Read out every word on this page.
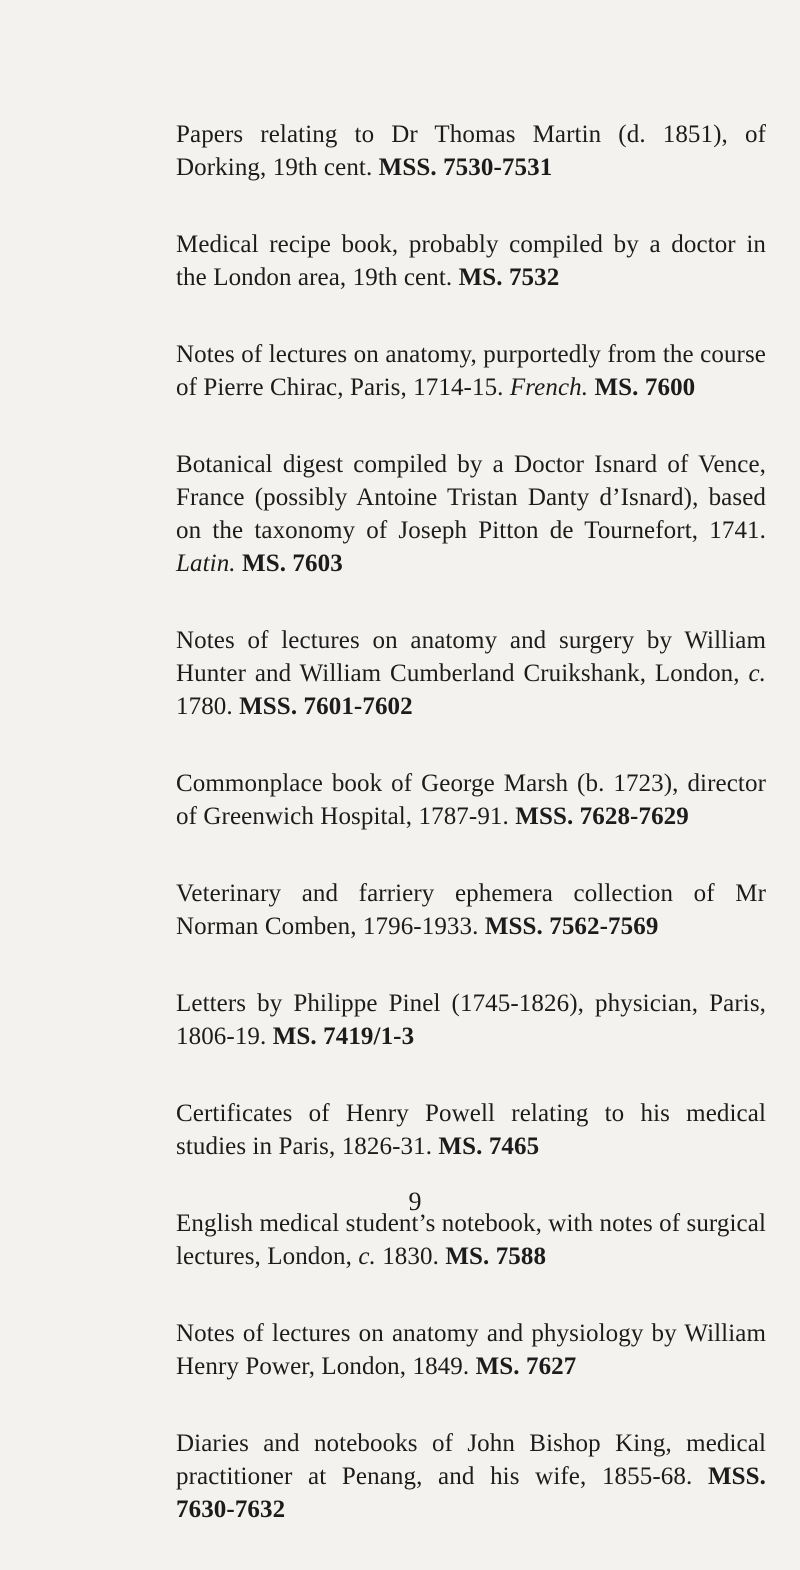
Papers relating to Dr Thomas Martin (d. 1851), of Dorking, 19th cent. MSS. 7530-7531

Medical recipe book, probably compiled by a doctor in the London area, 19th cent. MS. 7532

Notes of lectures on anatomy, purportedly from the course of Pierre Chirac, Paris, 1714-15. French. MS. 7600

Botanical digest compiled by a Doctor Isnard of Vence, France (possibly Antoine Tristan Danty d’Isnard), based on the taxonomy of Joseph Pitton de Tournefort, 1741. Latin. MS. 7603

Notes of lectures on anatomy and surgery by William Hunter and William Cumberland Cruikshank, London, c. 1780. MSS. 7601-7602

Commonplace book of George Marsh (b. 1723), director of Greenwich Hospital, 1787-91. MSS. 7628-7629

Veterinary and farriery ephemera collection of Mr Norman Comben, 1796-1933. MSS. 7562-7569

Letters by Philippe Pinel (1745-1826), physician, Paris, 1806-19. MS. 7419/1-3

Certificates of Henry Powell relating to his medical studies in Paris, 1826-31. MS. 7465

English medical student’s notebook, with notes of surgical lectures, London, c. 1830. MS. 7588

Notes of lectures on anatomy and physiology by William Henry Power, London, 1849. MS. 7627

Diaries and notebooks of John Bishop King, medical practitioner at Penang, and his wife, 1855-68. MSS. 7630-7632

9
